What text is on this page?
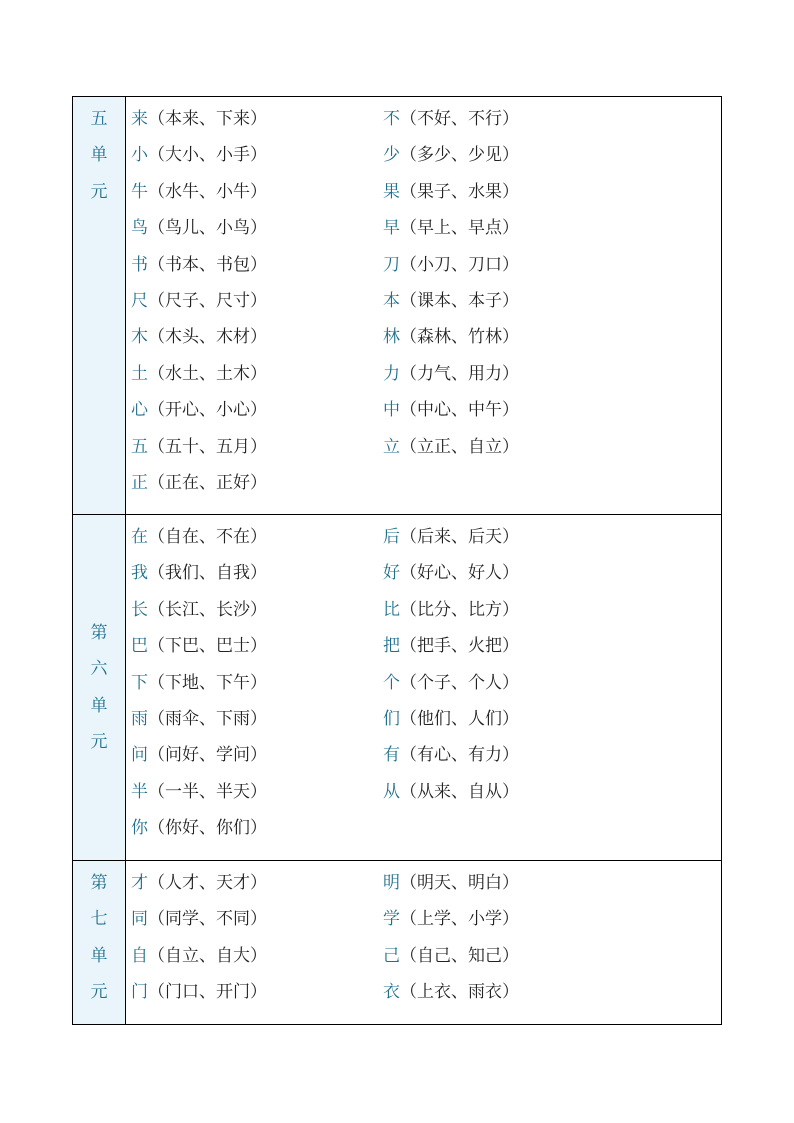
五
单
元
来（本来、下来）	不（不好、不行）
小（大小、小手）	少（多少、少见）
牛（水牛、小牛）	果（果子、水果）
鸟（鸟儿、小鸟）	早（早上、早点）
书（书本、书包）	刀（小刀、刀口）
尺（尺子、尺寸）	本（课本、本子）
木（木头、木材）	林（森林、竹林）
土（水土、土木）	力（力气、用力）
心（开心、小心）	中（中心、中午）
五（五十、五月）	立（立正、自立）
正（正在、正好）
第
六
单
元
在（自在、不在）	后（后来、后天）
我（我们、自我）	好（好心、好人）
长（长江、长沙）	比（比分、比方）
巴（下巴、巴士）	把（把手、火把）
下（下地、下午）	个（个子、个人）
雨（雨伞、下雨）	们（他们、人们）
问（问好、学问）	有（有心、有力）
半（一半、半天）	从（从来、自从）
你（你好、你们）
第
七
单
元
才（人才、天才）	明（明天、明白）
同（同学、不同）	学（上学、小学）
自（自立、自大）	己（自己、知己）
门（门口、开门）	衣（上衣、雨衣）
